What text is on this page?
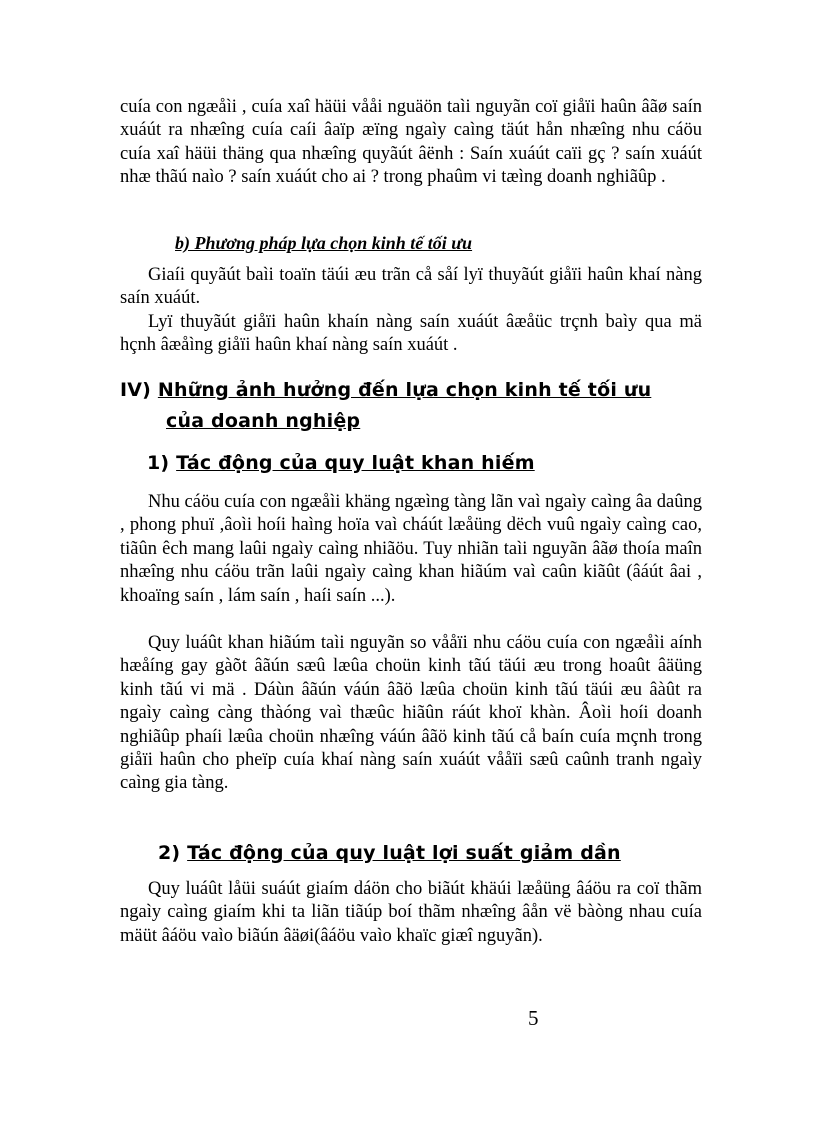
cuía con ngæåìi , cuía xaî häüi vååi nguäön taìi nguyãn coï giåïi haûn âãø saín xuáút ra nhæîng cuía caíi âaïp æïng ngaìy caìng täút hån nhæîng nhu cáöu cuía xaî häüi thäng qua nhæîng quyãút âënh : Saín xuáút caïi gç ? saín xuáút nhæ thãú naìo ? saín xuáút cho ai ? trong phaûm vi tæìng doanh nghiãûp .

b) Phương pháp lựa chọn kinh tế tối ưu

Giaíi quyãút baìi toaïn täúi æu trãn cå såí lyï thuyãút giåïi haûn khaí nàng saín xuáút.

Lyï thuyãút giåïi haûn khaín nàng saín xuáút âæåüc trçnh baìy qua mä hçnh âæåìng giåïi haûn khaí nàng saín xuáút .

IV) Những ảnh hưởng đến lựa chọn kinh tế tối ưu
của doanh nghiệp
1) Tác động của quy luật khan hiếm

Nhu cáöu cuía con ngæåìi khäng ngæìng tàng lãn vaì ngaìy caìng âa daûng , phong phuï ,âoìi hoíi haìng hoïa vaì cháút læåüng dëch vuû ngaìy caìng cao, tiãûn êch mang laûi ngaìy caìng nhiãöu. Tuy nhiãn taìi nguyãn âãø thoía maîn nhæîng nhu cáöu trãn laûi ngaìy caìng khan hiãúm vaì caûn kiãût (âáút âai , khoaïng saín , lám saín , haíi saín ...).

Quy luáût khan hiãúm taìi nguyãn so vååïi nhu cáöu cuía con ngæåìi aính hæåíng gay gàõt âãún sæû læûa choün kinh tãú täúi æu trong hoaût âäüng kinh tãú vi mä . Dáùn âãún váún âãö læûa choün kinh tãú täúi æu âàût ra ngaìy caìng càng thàóng vaì thæûc hiãûn ráút khoï khàn. Âoìi hoíi doanh nghiãûp phaíi læûa choün nhæîng váún âãö kinh tãú cå baín cuía mçnh trong giåïi haûn cho pheïp cuía khaí nàng saín xuáút vååïi sæû caûnh tranh ngaìy caìng gia tàng.

2) Tác động của quy luật lợi suất giảm dần

Quy luáût låüi suáút giaím dáön cho biãút khäúi læåüng âáöu ra coï thãm ngaìy caìng giaím khi ta liãn tiãúp boí thãm nhæîng âån vë bàòng nhau cuía mäüt âáöu vaìo biãún âäøi(âáöu vaìo khaïc giæî nguyãn).

5
